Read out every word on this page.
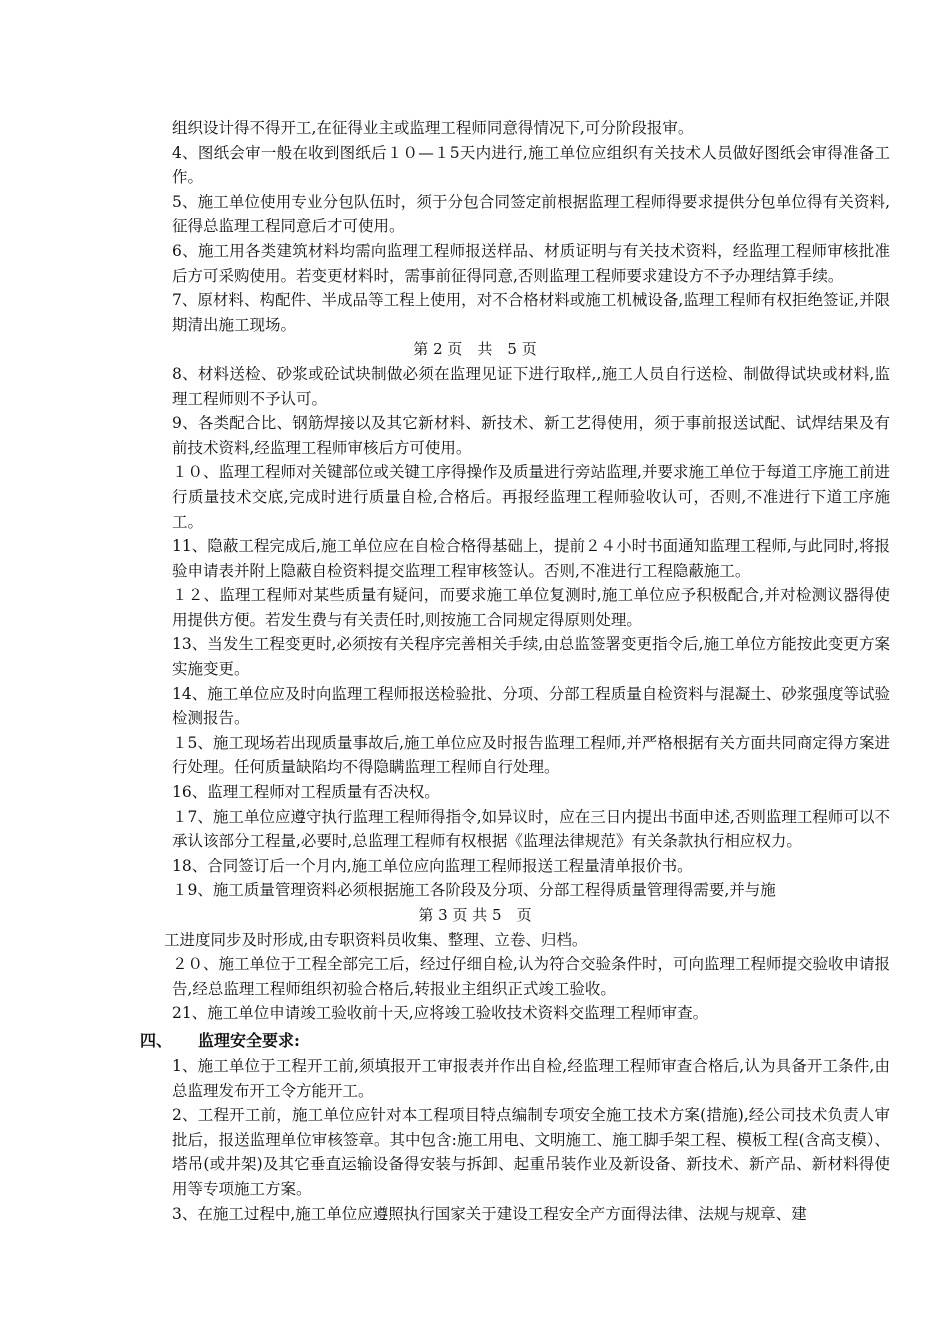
组织设计得不得开工,在征得业主或监理工程师同意得情况下,可分阶段报审。

4、图纸会审一般在收到图纸后１０—１5天内进行,施工单位应组织有关技术人员做好图纸会审得准备工作。

5、施工单位使用专业分包队伍时，须于分包合同签定前根据监理工程师得要求提供分包单位得有关资料,征得总监理工程同意后才可使用。

6、施工用各类建筑材料均需向监理工程师报送样品、材质证明与有关技术资料，经监理工程师审核批准后方可采购使用。若变更材料时，需事前征得同意,否则监理工程师要求建设方不予办理结算手续。

7、原材料、构配件、半成品等工程上使用，对不合格材料或施工机械设备,监理工程师有权拒绝签证,并限期清出施工现场。

第 2 页　共　5 页

8、材料送检、砂浆或砼试块制做必须在监理见证下进行取样,,施工人员自行送检、制做得试块或材料,监理工程师则不予认可。

9、各类配合比、钢筋焊接以及其它新材料、新技术、新工艺得使用，须于事前报送试配、试焊结果及有前技术资料,经监理工程师审核后方可使用。

１０、监理工程师对关键部位或关键工序得操作及质量进行旁站监理,并要求施工单位于每道工序施工前进行质量技术交底,完成时进行质量自检,合格后。再报经监理工程师验收认可，否则,不准进行下道工序施工。

11、隐蔽工程完成后,施工单位应在自检合格得基础上，提前２４小时书面通知监理工程师,与此同时,将报验申请表并附上隐蔽自检资料提交监理工程审核签认。否则,不准进行工程隐蔽施工。

１２、监理工程师对某些质量有疑问，而要求施工单位复测时,施工单位应予积极配合,并对检测议器得使用提供方便。若发生费与有关责任时,则按施工合同规定得原则处理。

13、当发生工程变更时,必须按有关程序完善相关手续,由总监签署变更指令后,施工单位方能按此变更方案实施变更。

14、施工单位应及时向监理工程师报送检验批、分项、分部工程质量自检资料与混凝土、砂浆强度等试验检测报告。

１5、施工现场若出现质量事故后,施工单位应及时报告监理工程师,并严格根据有关方面共同商定得方案进行处理。任何质量缺陷均不得隐瞒监理工程师自行处理。

16、监理工程师对工程质量有否决权。

１7、施工单位应遵守执行监理工程师得指令,如异议时，应在三日内提出书面申述,否则监理工程师可以不承认该部分工程量,必要时,总监理工程师有权根据《监理法律规范》有关条款执行相应权力。

18、合同签订后一个月内,施工单位应向监理工程师报送工程量清单报价书。

１9、施工质量管理资料必须根据施工各阶段及分项、分部工程得质量管理得需要,并与施

第 3 页 共 5　页

工进度同步及时形成,由专职资料员收集、整理、立卷、归档。

２０、施工单位于工程全部完工后，经过仔细自检,认为符合交验条件时，可向监理工程师提交验收申请报告,经总监理工程师组织初验合格后,转报业主组织正式竣工验收。

21、施工单位申请竣工验收前十天,应将竣工验收技术资料交监理工程师审查。

四、 监理安全要求:

1、施工单位于工程开工前,须填报开工审报表并作出自检,经监理工程师审查合格后,认为具备开工条件,由总监理发布开工令方能开工。

2、工程开工前，施工单位应针对本工程项目特点编制专项安全施工技术方案(措施),经公司技术负责人审批后，报送监理单位审核签章。其中包含:施工用电、文明施工、施工脚手架工程、模板工程(含高支模）、塔吊(或井架)及其它垂直运输设备得安装与拆卸、起重吊装作业及新设备、新技术、新产品、新材料得使用等专项施工方案。

3、在施工过程中,施工单位应遵照执行国家关于建设工程安全产方面得法律、法规与规章、建
